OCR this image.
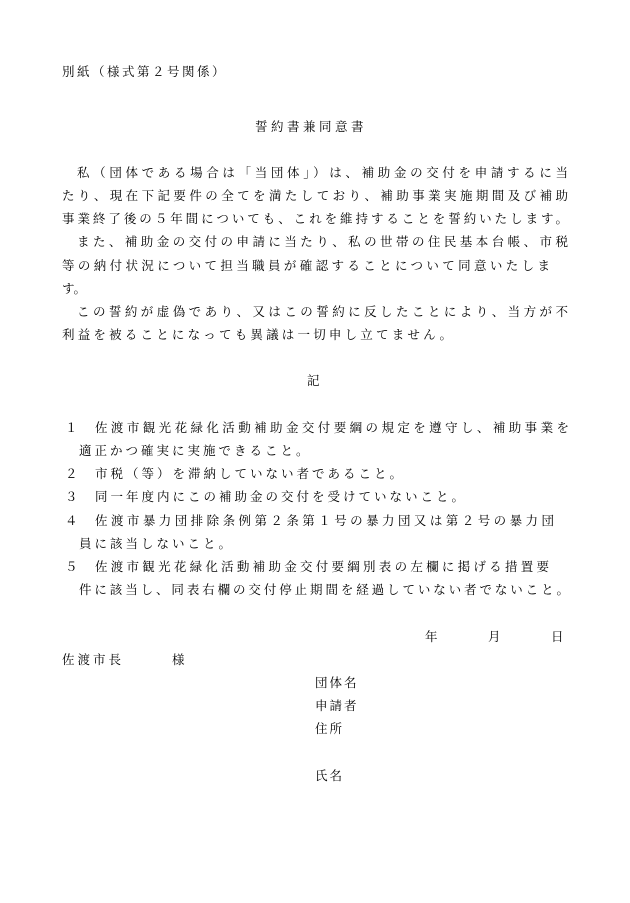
別紙（様式第２号関係）
誓約書兼同意書
私（団体である場合は「当団体」）は、補助金の交付を申請するに当
たり、現在下記要件の全てを満たしており、補助事業実施期間及び補助
事業終了後の５年間についても、これを維持することを誓約いたします。
また、補助金の交付の申請に当たり、私の世帯の住民基本台帳、市税
等の納付状況について担当職員が確認することについて同意いたしま
す。
この誓約が虚偽であり、又はこの誓約に反したことにより、当方が不
利益を被ることになっても異議は一切申し立てません。
記
１ 佐渡市観光花緑化活動補助金交付要綱の規定を遵守し、補助事業を
適正かつ確実に実施できること。
２ 市税（等）を滞納していない者であること。
３ 同一年度内にこの補助金の交付を受けていないこと。
４ 佐渡市暴力団排除条例第２条第１号の暴力団又は第２号の暴力団
員に該当しないこと。
５ 佐渡市観光花緑化活動補助金交付要綱別表の左欄に掲げる措置要
件に該当し、同表右欄の交付停止期間を経過していない者でないこと。
年	月	日
佐渡市長	様
団体名
申請者
住所
氏名
